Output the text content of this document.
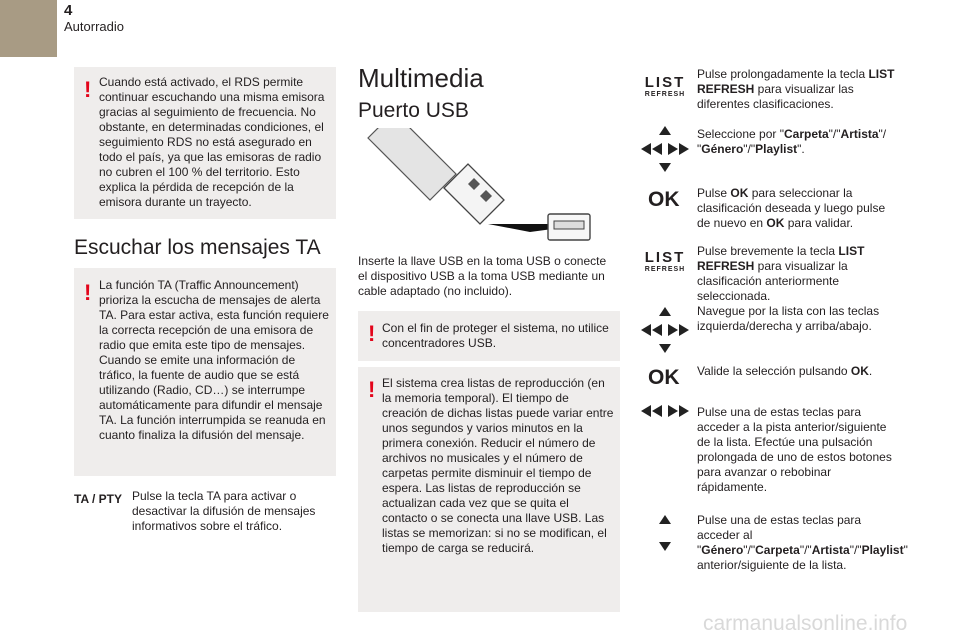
4
Autorradio
! Cuando está activado, el RDS permite continuar escuchando una misma emisora gracias al seguimiento de frecuencia. No obstante, en determinadas condiciones, el seguimiento RDS no está asegurado en todo el país, ya que las emisoras de radio no cubren el 100 % del territorio. Esto explica la pérdida de recepción de la emisora durante un trayecto.
Escuchar los mensajes TA
! La función TA (Traffic Announcement) prioriza la escucha de mensajes de alerta TA. Para estar activa, esta función requiere la correcta recepción de una emisora de radio que emita este tipo de mensajes. Cuando se emite una información de tráfico, la fuente de audio que se está utilizando (Radio, CD…) se interrumpe automáticamente para difundir el mensaje TA. La función interrumpida se reanuda en cuanto finaliza la difusión del mensaje.
TA / PTY Pulse la tecla TA para activar o desactivar la difusión de mensajes informativos sobre el tráfico.
Multimedia
Puerto USB
Inserte la llave USB en la toma USB o conecte el dispositivo USB a la toma USB mediante un cable adaptado (no incluido).
! Con el fin de proteger el sistema, no utilice concentradores USB.
! El sistema crea listas de reproducción (en la memoria temporal). El tiempo de creación de dichas listas puede variar entre unos segundos y varios minutos en la primera conexión. Reducir el número de archivos no musicales y el número de carpetas permite disminuir el tiempo de espera. Las listas de reproducción se actualizan cada vez que se quita el contacto o se conecta una llave USB. Las listas se memorizan: si no se modifican, el tiempo de carga se reducirá.
LIST
REFRESH
OK
LIST
REFRESH
OK
Pulse prolongadamente la tecla LIST REFRESH para visualizar las diferentes clasificaciones.
Seleccione por "Carpeta"/"Artista"/ "Género"/"Playlist".
Pulse OK para seleccionar la clasificación deseada y luego pulse de nuevo en OK para validar.
Pulse brevemente la tecla LIST REFRESH para visualizar la clasificación anteriormente seleccionada.
Navegue por la lista con las teclas izquierda/derecha y arriba/abajo.
Valide la selección pulsando OK.
Pulse una de estas teclas para acceder a la pista anterior/siguiente de la lista. Efectúe una pulsación prolongada de uno de estos botones para avanzar o rebobinar rápidamente.
Pulse una de estas teclas para acceder al "Género"/"Carpeta"/"Artista"/"Playlist" anterior/siguiente de la lista.
carmanualsonline.info
